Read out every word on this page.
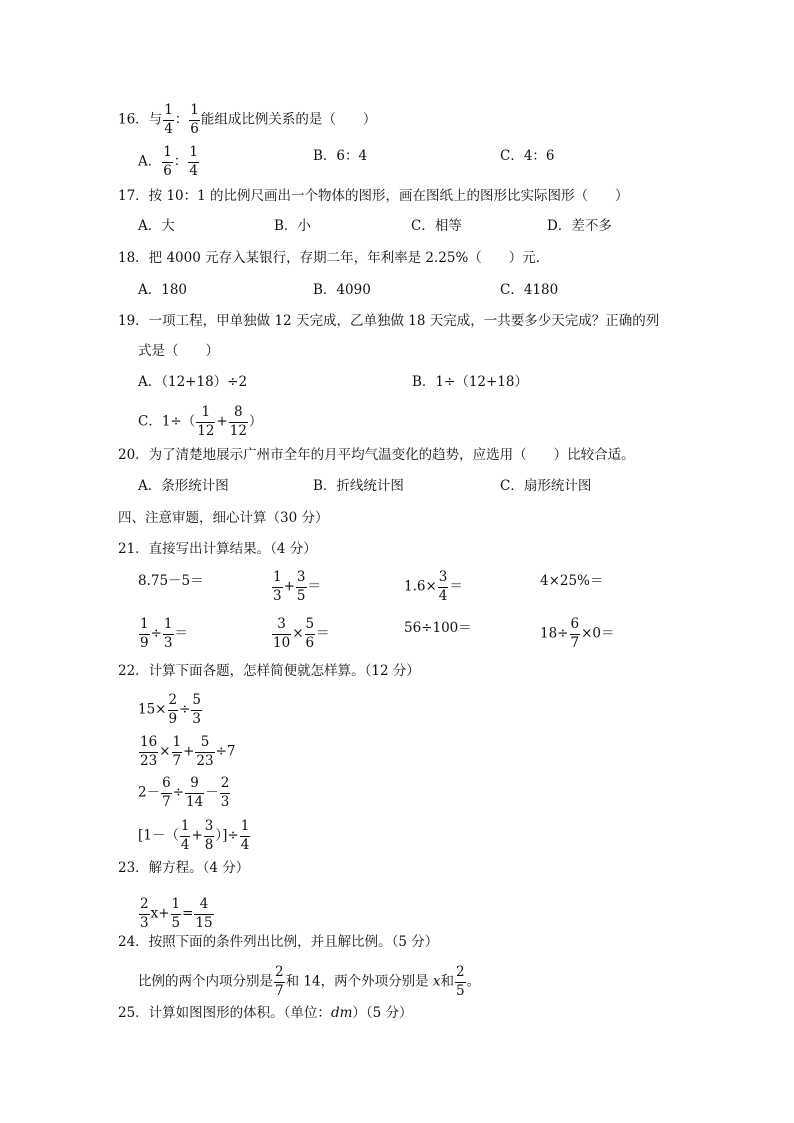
16．与 $\frac{1}{4}$ ： $\frac{1}{6}$ 能组成比例关系的是（　　）
A． $\frac{1}{6}$ ： $\frac{1}{4}$	B．6：4	C．4：6
17．按 10：1 的比例尺画出一个物体的图形，画在图纸上的图形比实际图形（　　）
A．大	B．小	C．相等	D．差不多
18．把 4000 元存入某银行，存期二年，年利率是 2.25%（　　）元．
A．180	B．4090	C．4180
19．一项工程，甲单独做 12 天完成，乙单独做 18 天完成，一共要多少天完成？正确的列
式是（　　）
A．（12+18）÷2	B．1÷（12+18）
C．$1\div( \frac{1}{12} + \frac{8}{12}$ ）
20．为了清楚地展示广州市全年的月平均气温变化的趋势，应选用（　　）比较合适。
A．条形统计图	B．折线统计图	C．扇形统计图
四、注意审题，细心计算（30 分）
21．直接写出计算结果。（4 分）
8.75－5＝	$\frac{1}{3} + \frac{3}{5}$ ＝	$1.6\times \frac{3}{4}$ ＝	4×25%＝
$\frac{1}{9} \div \frac{1}{3}$ ＝	$\frac{3}{10} \times \frac{5}{6}$ ＝	56÷100＝	$18\div \frac{6}{7} \times 0=$
22．计算下面各题，怎样简便就怎样算。（12 分）
$15\times \frac{2}{9} \div \frac{5}{3}$
$\frac{16}{23} \times \frac{1}{7} + \frac{5}{23} \div 7$
$2- \frac{6}{7} \div \frac{9}{14} - \frac{2}{3}$
[$1-( \frac{1}{4} + \frac{3}{8}$ ）]÷ $\frac{1}{4}$
23．解方程。（4 分）
$\frac{2}{3} x+ \frac{1}{5} = \frac{4}{15}$
24．按照下面的条件列出比例，并且解比例。（5 分）
比例的两个内项分别是 $\frac{2}{7}$ 和 14，两个外项分别是 x和 $\frac{2}{5}$ 。
25．计算如图图形的体积。（单位：dm）（5 分）
